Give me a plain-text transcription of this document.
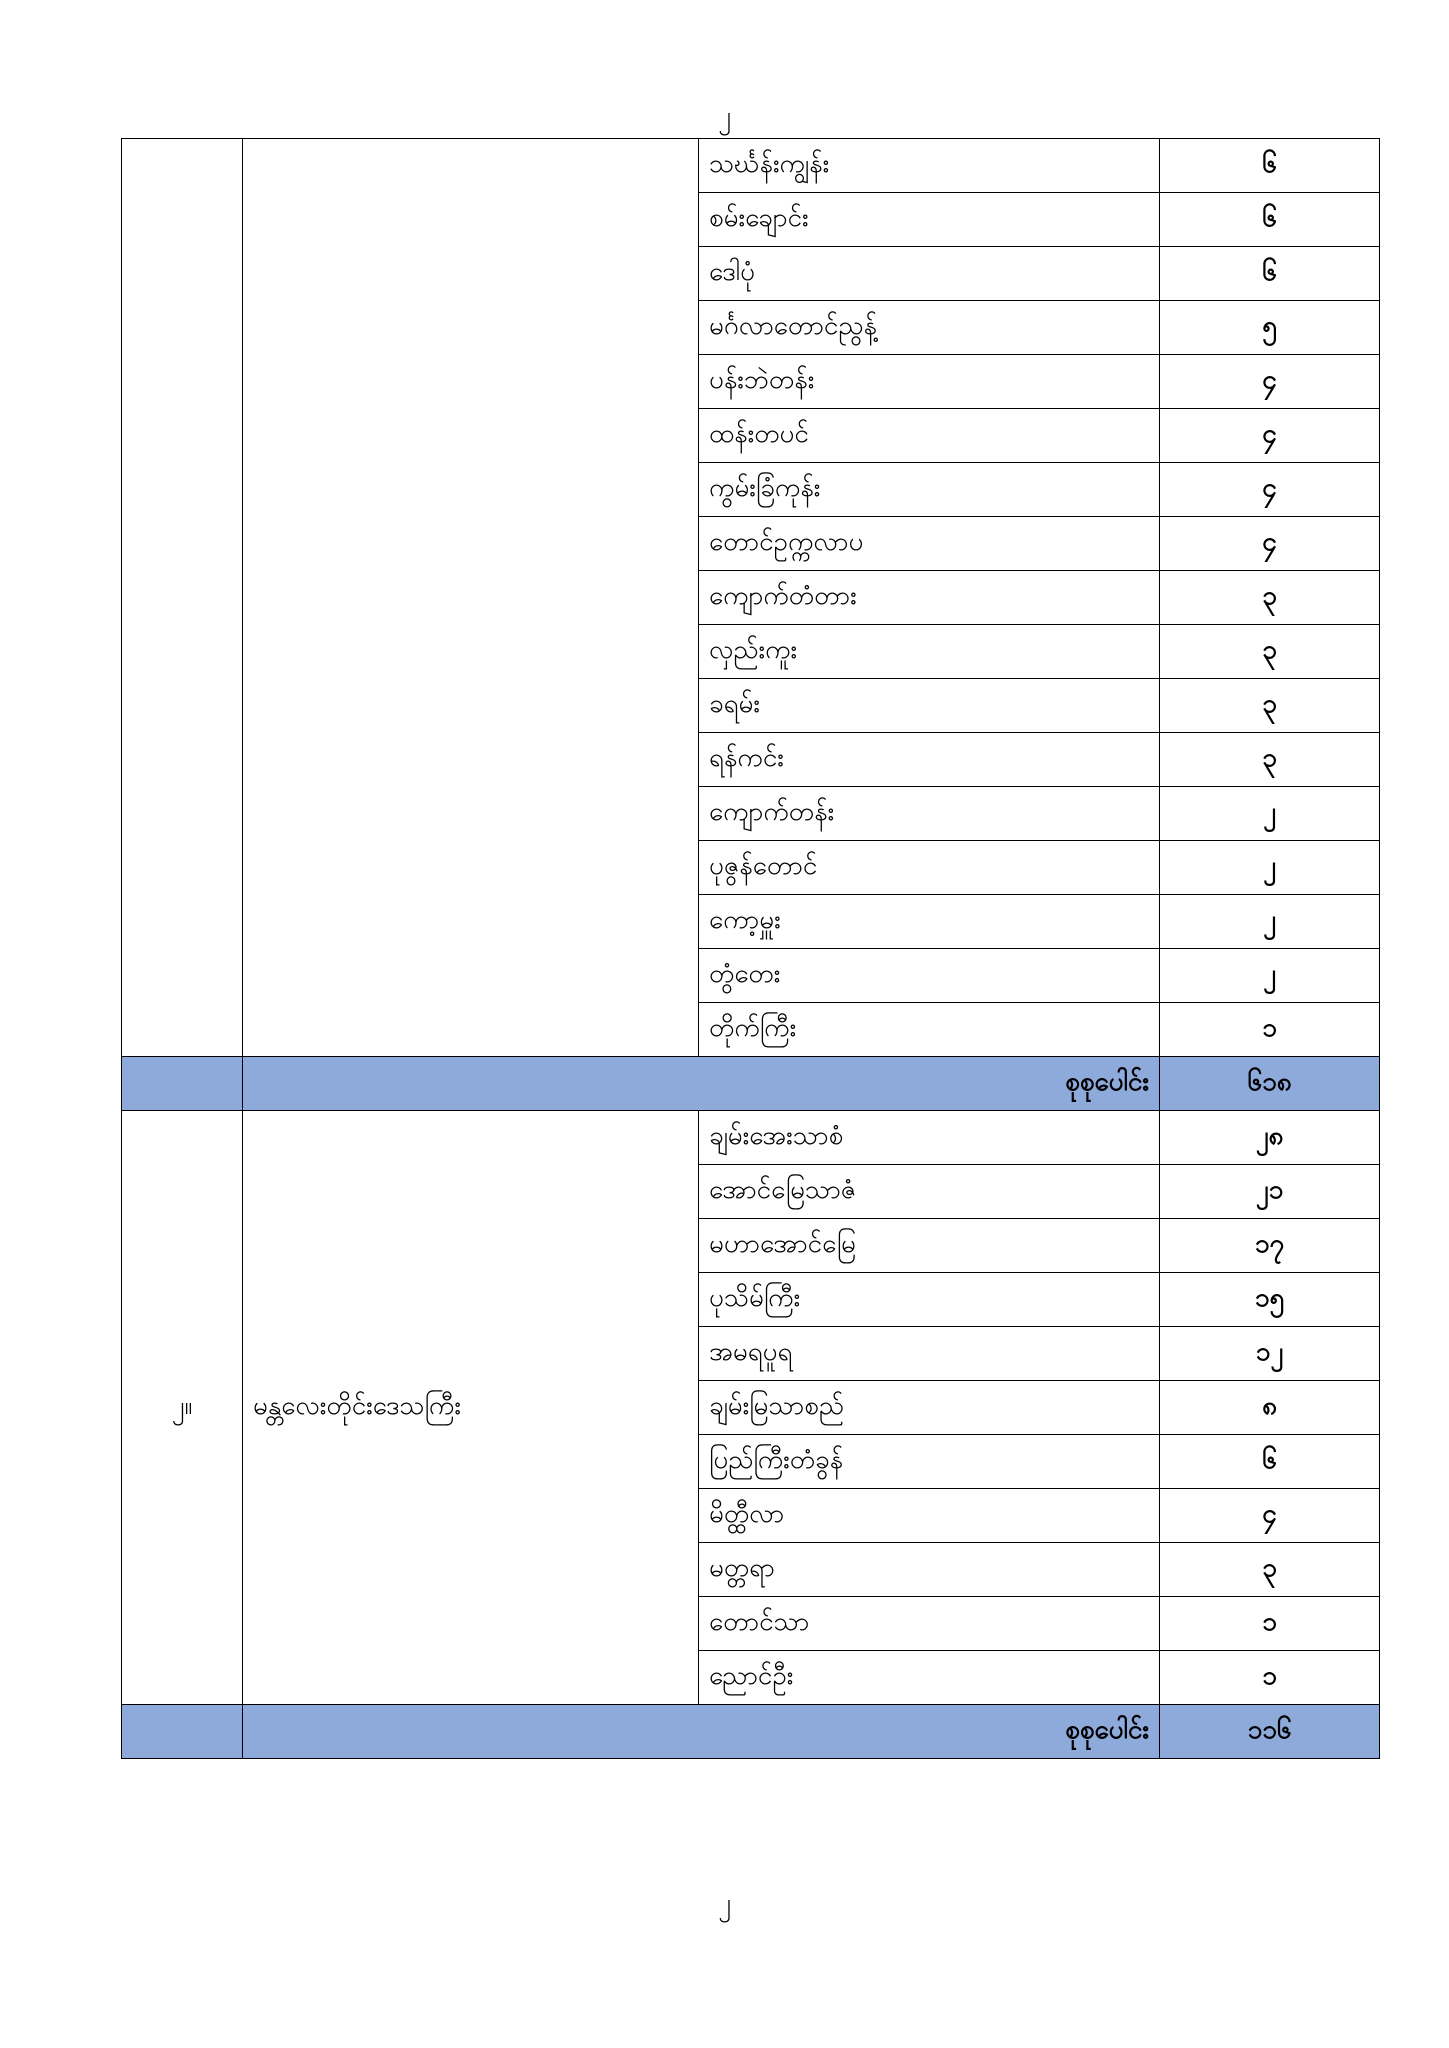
၂
		သင်္ဃန်းကျွန်း	၆
		စမ်းချောင်း	၆
		ဒေါပုံ	၆
		မင်္ဂလာတောင်ညွန့်	၅
		ပန်းဘဲတန်း	၄
		ထန်းတပင်	၄
		ကွမ်းခြံကုန်း	၄
		တောင်ဥက္ကလာပ	၄
		ကျောက်တံတား	၃
		လှည်းကူး	၃
		ခရမ်း	၃
		ရန်ကင်း	၃
		ကျောက်တန်း	၂
		ပုဇွန်တောင်	၂
		ကော့မှူး	၂
		တွံတေး	၂
		တိုက်ကြီး	၁
	စုစုပေါင်း		၆၁၈
၂။	မန္တလေးတိုင်းဒေသကြီး	ချမ်းအေးသာစံ	၂၈
		အောင်မြေသာဇံ	၂၁
		မဟာအောင်မြေ	၁၇
		ပုသိမ်ကြီး	၁၅
		အမရပူရ	၁၂
		ချမ်းမြသာစည်	၈
		ပြည်ကြီးတံခွန်	၆
		မိတ္ထီလာ	၄
		မတ္တရာ	၃
		တောင်သာ	၁
		ညောင်ဦး	၁
	စုစုပေါင်း		၁၁၆
၂
